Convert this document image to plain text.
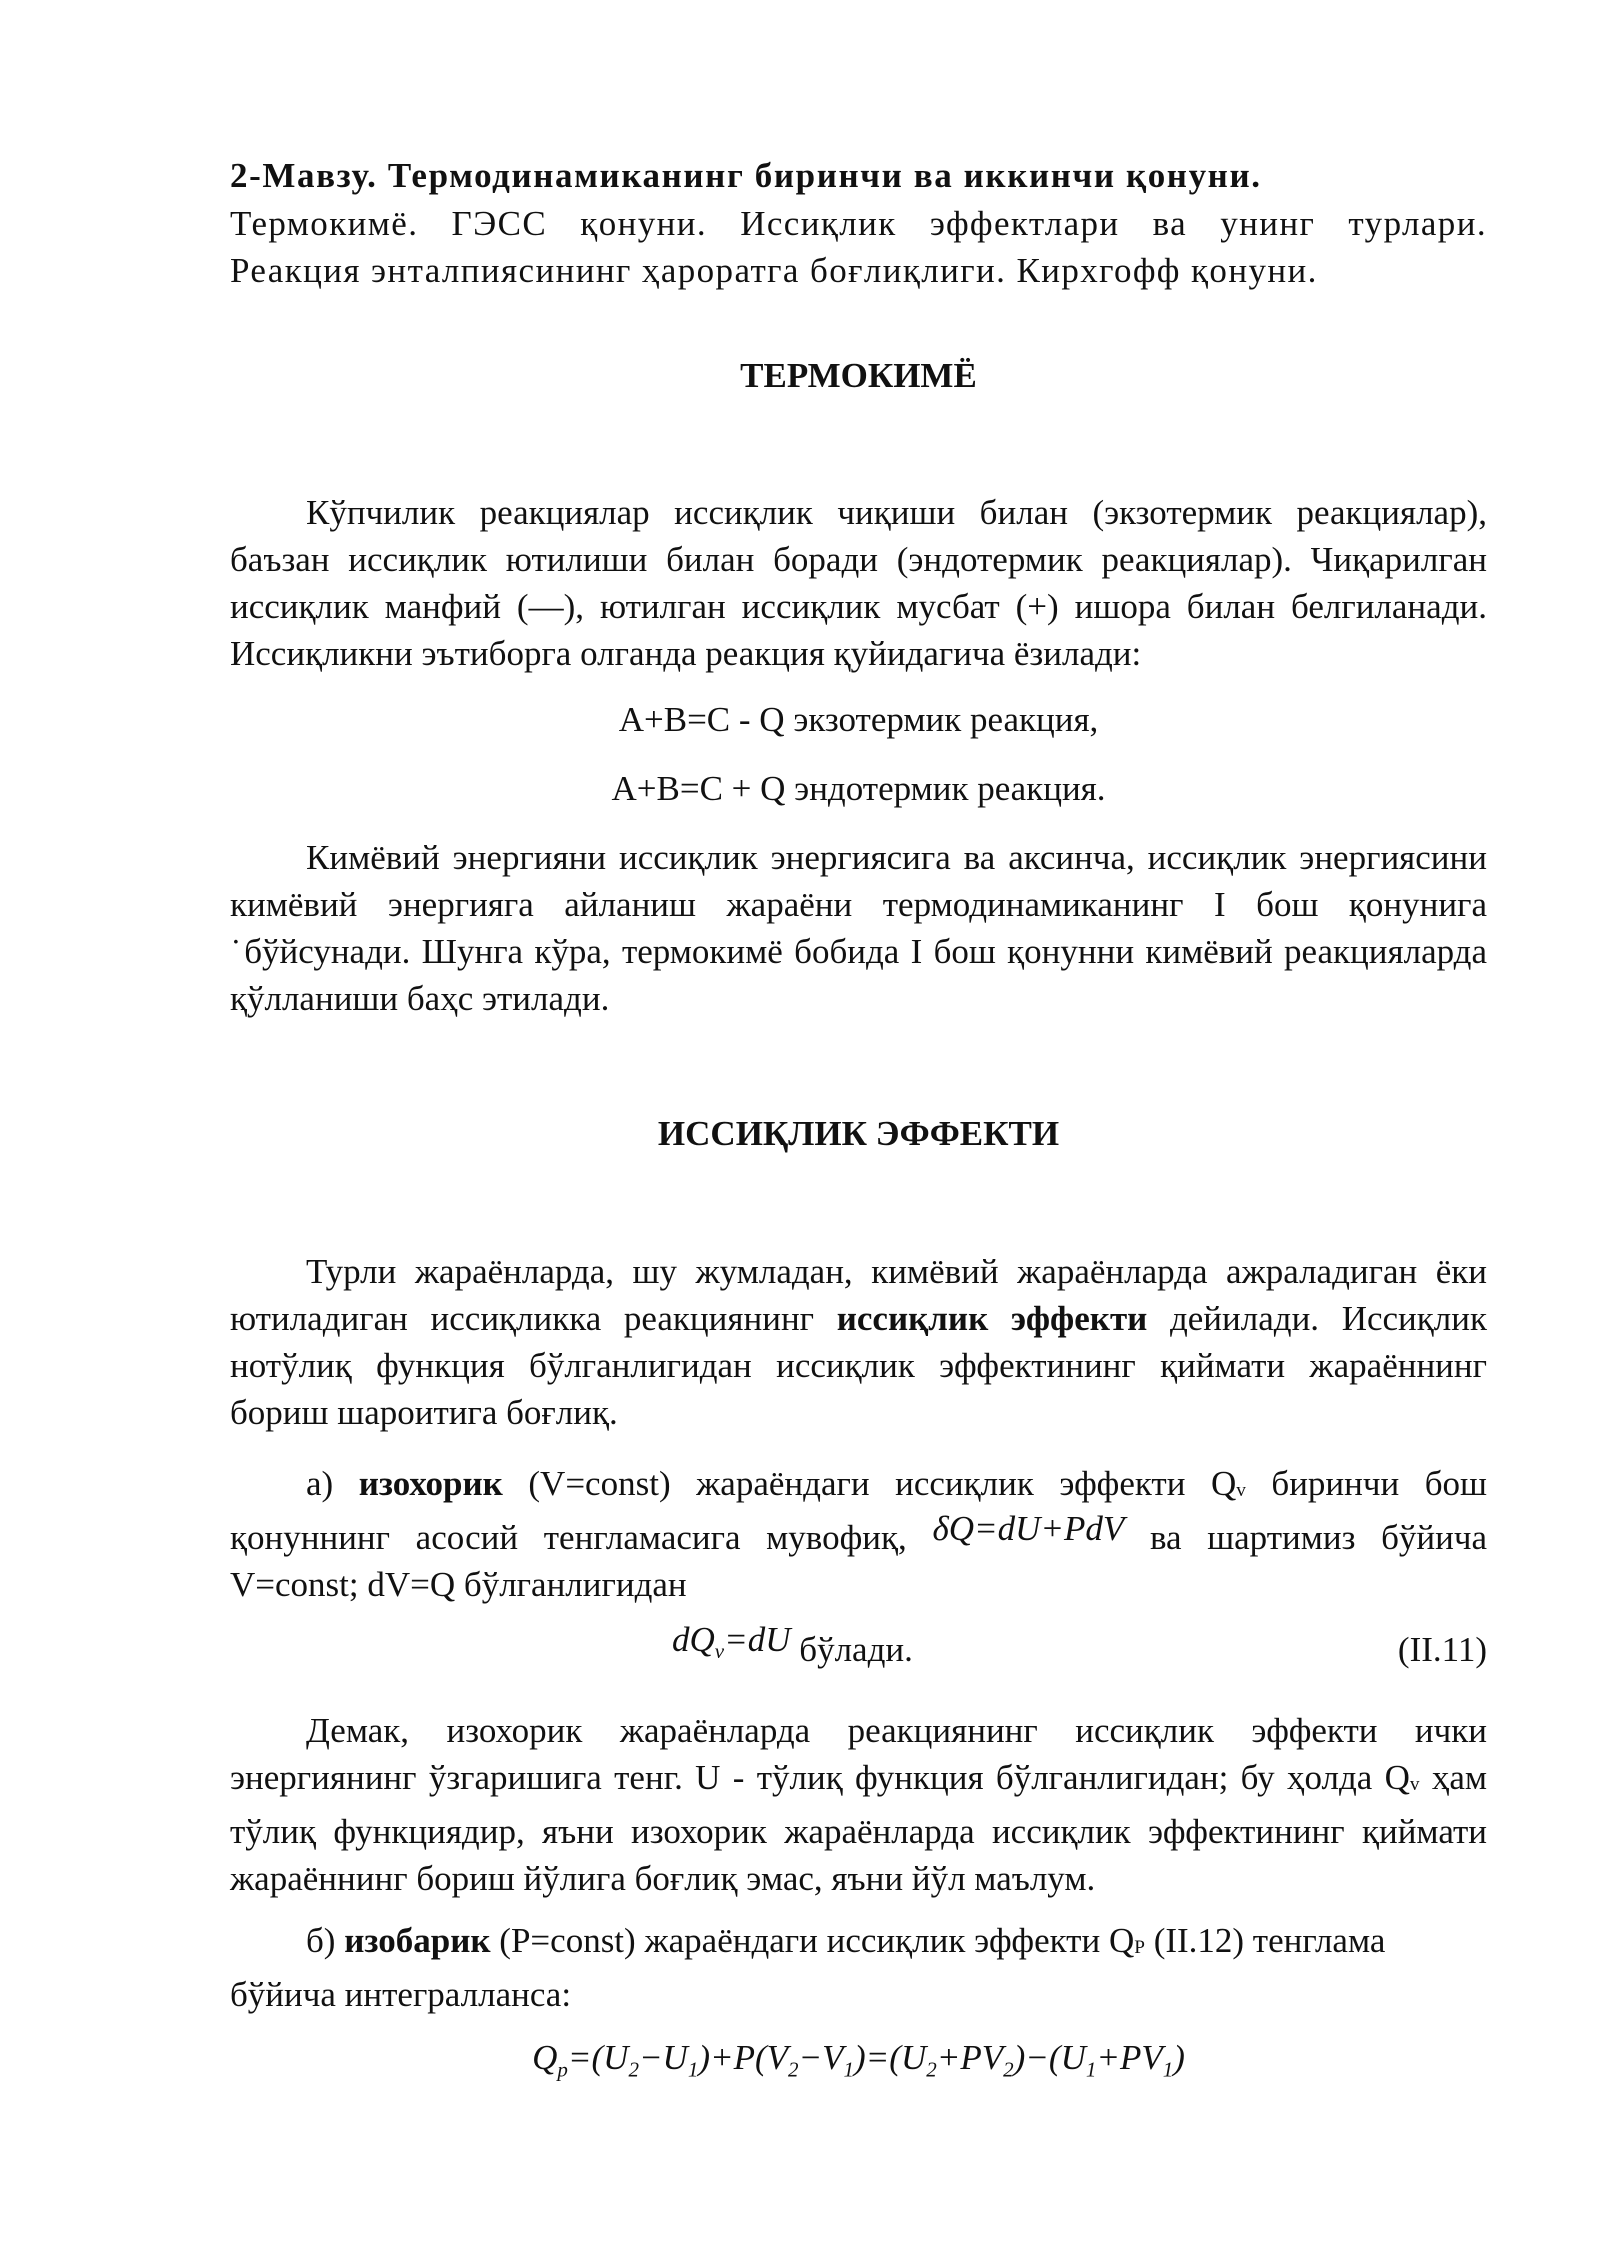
2-Мавзу. Термодинамиканинг биринчи ва иккинчи қонуни.

Термокимё. ГЭСС қонуни. Иссиқлик эффектлари ва унинг турлари.

Реакция энталпиясининг ҳароратга боғлиқлиги. Кирхгофф қонуни.

ТЕРМОКИМЁ

Кўпчилик реакциялар иссиқлик чиқиши билан (экзотермик реакциялар), баъзан иссиқлик ютилиши билан боради (эндотермик реакциялар). Чиқарилган иссиқлик манфий (—), ютилган иссиқлик мусбат (+) ишора билан белгиланади. Иссиқликни эътиборга олганда реакция қуйидагича ёзилади:

A+B=C - Q экзотермик реакция,

A+B=C + Q эндотермик реакция.

Кимёвий энергияни иссиқлик энергиясига ва аксинча, иссиқлик энергиясини кимёвий энергияга айланиш жараёни термодинамиканинг I бош қонунига ˙бўйсунади. Шунга кўра, термокимё бобида I бош қонунни кимёвий реакцияларда қўлланиши баҳс этилади.

ИССИҚЛИК ЭФФЕКТИ

Турли жараёнларда, шу жумладан, кимёвий жараёнларда ажраладиган ёки ютиладиган иссиқликка реакциянинг иссиқлик эффекти дейилади. Иссиқлик нотўлиқ функция бўлганлигидан иссиқлик эффектининг қиймати жараённинг бориш шароитига боғлиқ.

а) изохорик (V=const) жараёндаги иссиқлик эффекти Qv биринчи бош қонуннинг асосий тенгламасига мувофиқ, δQ=dU+PdV ва шартимиз бўйича V=const; dV=Q бўлганлигидан

dQv=dU бўлади.	(II.11)

Демак, изохорик жараёнларда реакциянинг иссиқлик эффекти ички энергиянинг ўзгаришига тенг. U - тўлиқ функция бўлганлигидан; бу ҳолда Qv ҳам тўлиқ функциядир, яъни изохорик жараёнларда иссиқлик эффектининг қиймати жараённинг бориш йўлига боғлиқ эмас, яъни йўл маълум.

б) изобарик (P=const) жараёндаги иссиқлик эффекти QP (II.12) тенглама бўйича интегралланса:

$Q_p=(U_2-U_1)+P(V_2-V_1)=(U_2+PV_2)-(U_1+PV_1)$
